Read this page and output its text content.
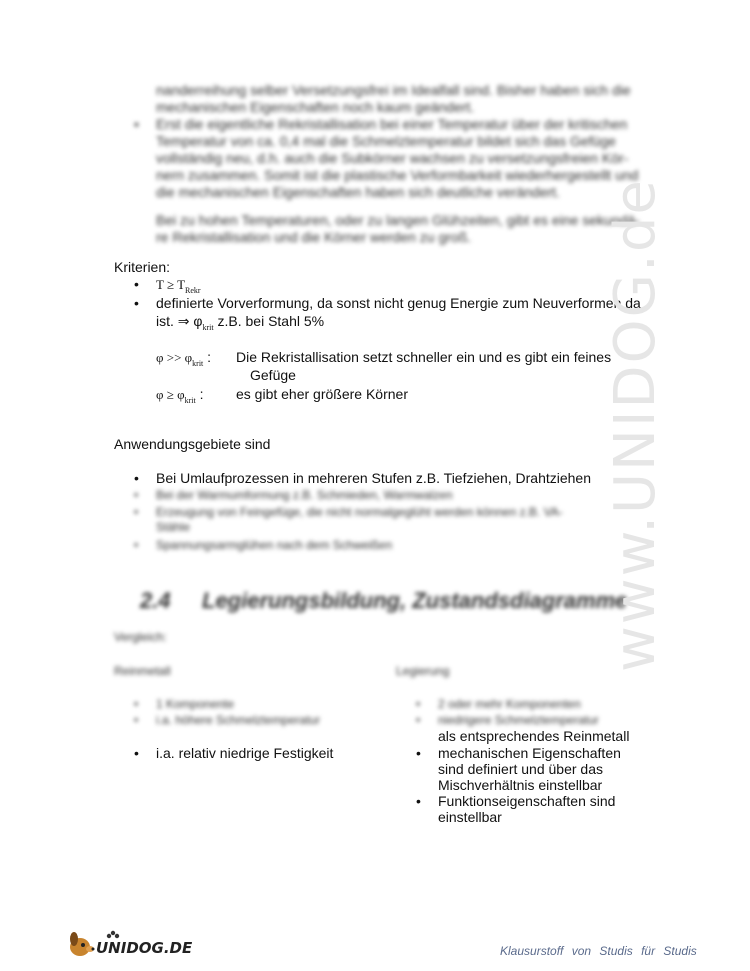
nanderreihung selber Versetzungsfrei im Idealfall sind. Bisher haben sich die
mechanischen Eigenschaften noch kaum geändert.
• Erst die eigentliche Rekristallisation bei einer Temperatur über der kritischen
Temperatur von ca. 0,4 mal die Schmelztemperatur bildet sich das Gefüge
vollständig neu, d.h. auch die Subkörner wachsen zu versetzungsfreien Kör-
nern zusammen. Somit ist die plastische Verformbarkeit wiederhergestellt und
die mechanischen Eigenschaften haben sich deutliche verändert.
Bei zu hohen Temperaturen, oder zu langen Glühzeiten, gibt es eine sekundä-
re Rekristallisation und die Körner werden zu groß.
Kriterien:
• $T \ge T_{Rekr}$
• definierte Vorverformung, da sonst nicht genug Energie zum Neuverformen da
ist. ⇒ $\varphi_{krit}$ z.B. bei Stahl 5%
$\varphi >> \varphi_{krit}$ : Die Rekristallisation setzt schneller ein und es gibt ein feines
Gefüge
$\varphi \ge \varphi_{krit}$ : es gibt eher größere Körner
Anwendungsgebiete sind
• Bei Umlaufprozessen in mehreren Stufen z.B. Tiefziehen, Drahtziehen
• Bei der Warmumformung z.B. Schmieden, Warmwalzen
• Erzeugung von Feingefüge, die nicht normalgeglüht werden können z.B. VA-
Stähle
• Spannungsarmglühen nach dem Schweißen
2.4 Legierungsbildung, Zustandsdiagramme
Vergleich:
Reinmetall	Legierung
• 1 Komponente
• i.a. höhere Schmelztemperatur
• 2 oder mehr Komponenten
• niedrigere Schmelztemperatur
als entsprechendes Reinmetall
• i.a. relativ niedrige Festigkeit
•	mechanischen Eigenschaften
sind definiert und über das
Mischverhältnis einstellbar
• Funktionseigenschaften sind
einstellbar
www.UNIDOG.de
UNIDOG.DE	Klausurstoff von Studis für Studis
